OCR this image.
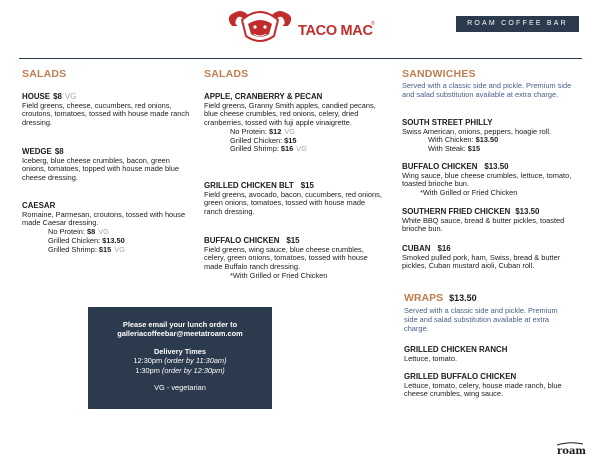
TACO MAC
®	ROAM COFFEE BAR
SALADS
HOUSE $8 VG
Field greens, cheese, cucumbers, red onions, croutons, tomatoes, tossed with house made ranch dressing.
WEDGE $8
Iceberg, blue cheese crumbles, bacon, green onions, tomatoes, topped with house made blue cheese dressing.
CAESAR
Romaine, Parmesan, croutons, tossed with house made Caesar dressing.
No Protein: $8 VG
Grilled Chicken: $13.50
Grilled Shrimp: $15 VG
SALADS
APPLE, CRANBERRY & PECAN
Field greens, Granny Smith apples, candied pecans, blue cheese crumbles, red onions, celery, dried cranberries, tossed with fuji apple vinaigrette.
No Protein: $12 VG
Grilled Chicken: $15
Grilled Shrimp: $16 VG
GRILLED CHICKEN BLT $15
Field greens, avocado, bacon, cucumbers, red onions, green onions, tomatoes, tossed with house made ranch dressing.
BUFFALO CHICKEN $15
Field greens, wing sauce, blue cheese crumbles, celery, green onions, tomatoes, tossed with house made Buffalo ranch dressing.
*With Grilled or Fried Chicken
SANDWICHES
Served with a classic side and pickle. Premium side and salad substitution available at extra charge.
SOUTH STREET PHILLY
Swiss American, onions, peppers, hoagie roll.
With Chicken: $13.50
With Steak: $15
BUFFALO CHICKEN $13.50
Wing sauce, blue cheese crumbles, lettuce, tomato, toasted brioche bun.
*With Grilled or Fried Chicken
SOUTHERN FRIED CHICKEN $13.50
White BBQ sauce, bread & butter pickles, toasted brioche bun.
CUBAN $16
Smoked pulled pork, ham, Swiss, bread & butter pickles, Cuban mustard aioli, Cuban roll.
WRAPS $13.50
Served with a classic side and pickle. Premium side and salad substitution available at extra charge.
GRILLED CHICKEN RANCH
Lettuce, tomato.
GRILLED BUFFALO CHICKEN
Lettuce, tomato, celery, house made ranch, blue cheese crumbles, wing sauce.
Please email your lunch order to
galleriacoffeebar@meetatroam.com
Delivery Times
12:30pm (order by 11:30am)
1:30pm (order by 12:30pm)
VG - vegetarian
roam
